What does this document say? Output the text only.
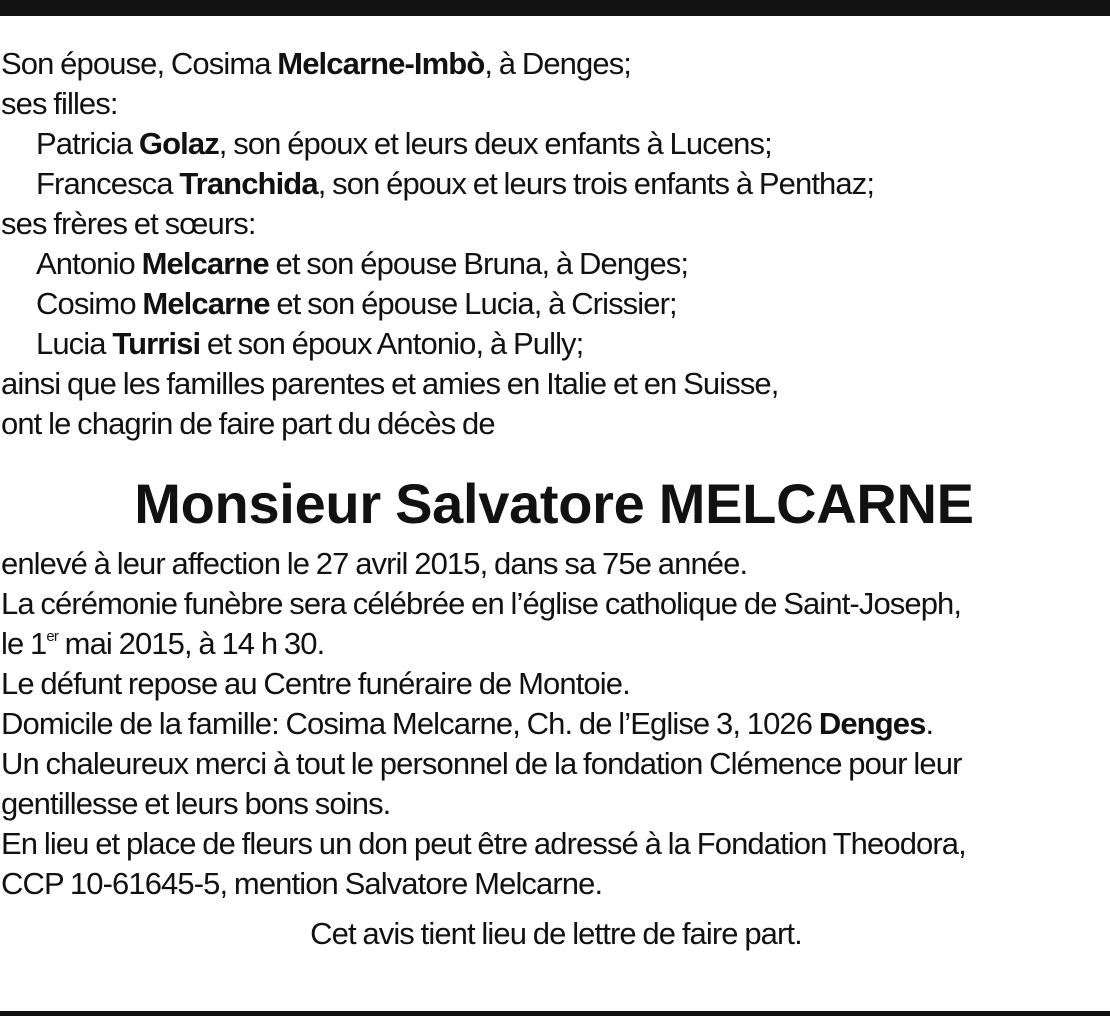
Son épouse, Cosima Melcarne-Imbò, à Denges;
ses filles:
Patricia Golaz, son époux et leurs deux enfants à Lucens;
Francesca Tranchida, son époux et leurs trois enfants à Penthaz;
ses frères et sœurs:
Antonio Melcarne et son épouse Bruna, à Denges;
Cosimo Melcarne et son épouse Lucia, à Crissier;
Lucia Turrisi et son époux Antonio, à Pully;
ainsi que les familles parentes et amies en Italie et en Suisse,
ont le chagrin de faire part du décès de
Monsieur Salvatore MELCARNE
enlevé à leur affection le 27 avril 2015, dans sa 75e année.
La cérémonie funèbre sera célébrée en l’église catholique de Saint-Joseph,
le 1er mai 2015, à 14 h 30.
Le défunt repose au Centre funéraire de Montoie.
Domicile de la famille: Cosima Melcarne, Ch. de l’Eglise 3, 1026 Denges.
Un chaleureux merci à tout le personnel de la fondation Clémence pour leur
gentillesse et leurs bons soins.
En lieu et place de fleurs un don peut être adressé à la Fondation Theodora,
CCP 10-61645-5, mention Salvatore Melcarne.
Cet avis tient lieu de lettre de faire part.
